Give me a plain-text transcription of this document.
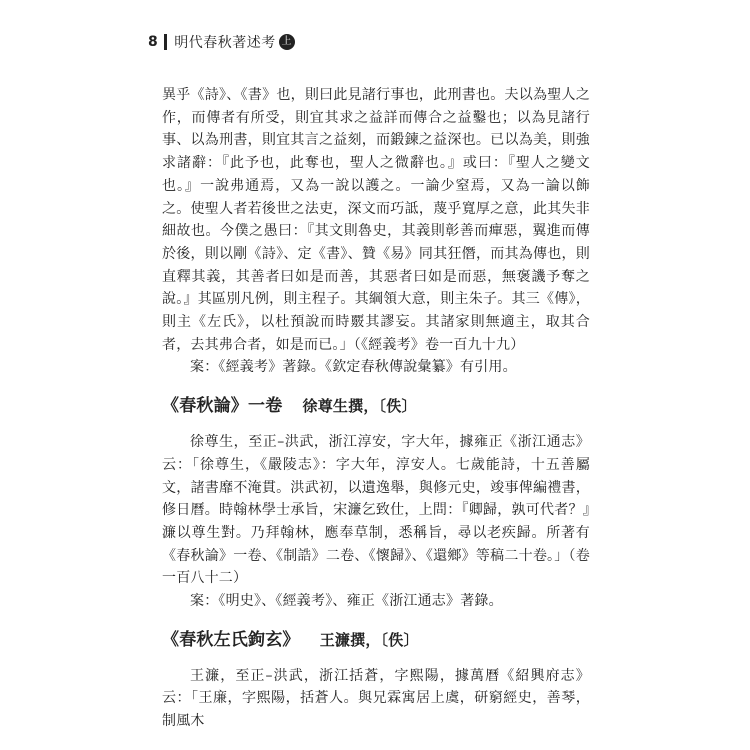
8 明代春秋著述考 上

異乎《詩》、《書》也，則曰此見諸行事也，此刑書也。夫以為聖人之作，而傳者有所受，則宜其求之益詳而傳合之益鑿也；以為見諸行事、以為刑書，則宜其言之益刻，而鍛鍊之益深也。已以為美，則強求諸辭：『此予也，此奪也，聖人之微辭也。』或曰：『聖人之變文也。』一說弗通焉，又為一說以護之。一論少窒焉，又為一論以飾之。使聖人者若後世之法吏，深文而巧詆，蔑乎寬厚之意，此其失非細故也。今僕之愚曰：『其文則魯史，其義則彰善而癉惡，翼進而傳於後，則以剛《詩》、定《書》、贊《易》同其狂僭，而其為傳也，則直釋其義，其善者曰如是而善，其惡者曰如是而惡，無褒譏予奪之說。』其區別凡例，則主程子。其綱領大意，則主朱子。其三《傳》，則主《左氏》，以杜預說而時覈其謬妄。其諸家則無適主，取其合者，去其弗合者，如是而已。」（《經義考》卷一百九十九）

案：《經義考》著錄。《欽定春秋傳說彙纂》有引用。

《春秋論》一卷 徐尊生撰，〔佚〕

徐尊生，至正–洪武，浙江淳安，字大年，據雍正《浙江通志》云：「徐尊生，《嚴陵志》：字大年，淳安人。七歲能詩，十五善屬文，諸書靡不淹貫。洪武初，以遺逸舉，與修元史，竣事俾編禮書，修日曆。時翰林學士承旨，宋濂乞致仕，上問：『卿歸，孰可代者？』濂以尊生對。乃拜翰林，應奉草制，悉稱旨，尋以老疾歸。所著有《春秋論》一卷、《制誥》二卷、《懷歸》、《還鄉》等稿二十卷。」（卷一百八十二）

案：《明史》、《經義考》、雍正《浙江通志》著錄。

《春秋左氏鉤玄》 王濂撰，〔佚〕

王濂，至正–洪武，浙江括蒼，字熙陽，據萬曆《紹興府志》云：「王廉，字熙陽，括蒼人。與兄霖寓居上虞，研窮經史，善琴，制風木
